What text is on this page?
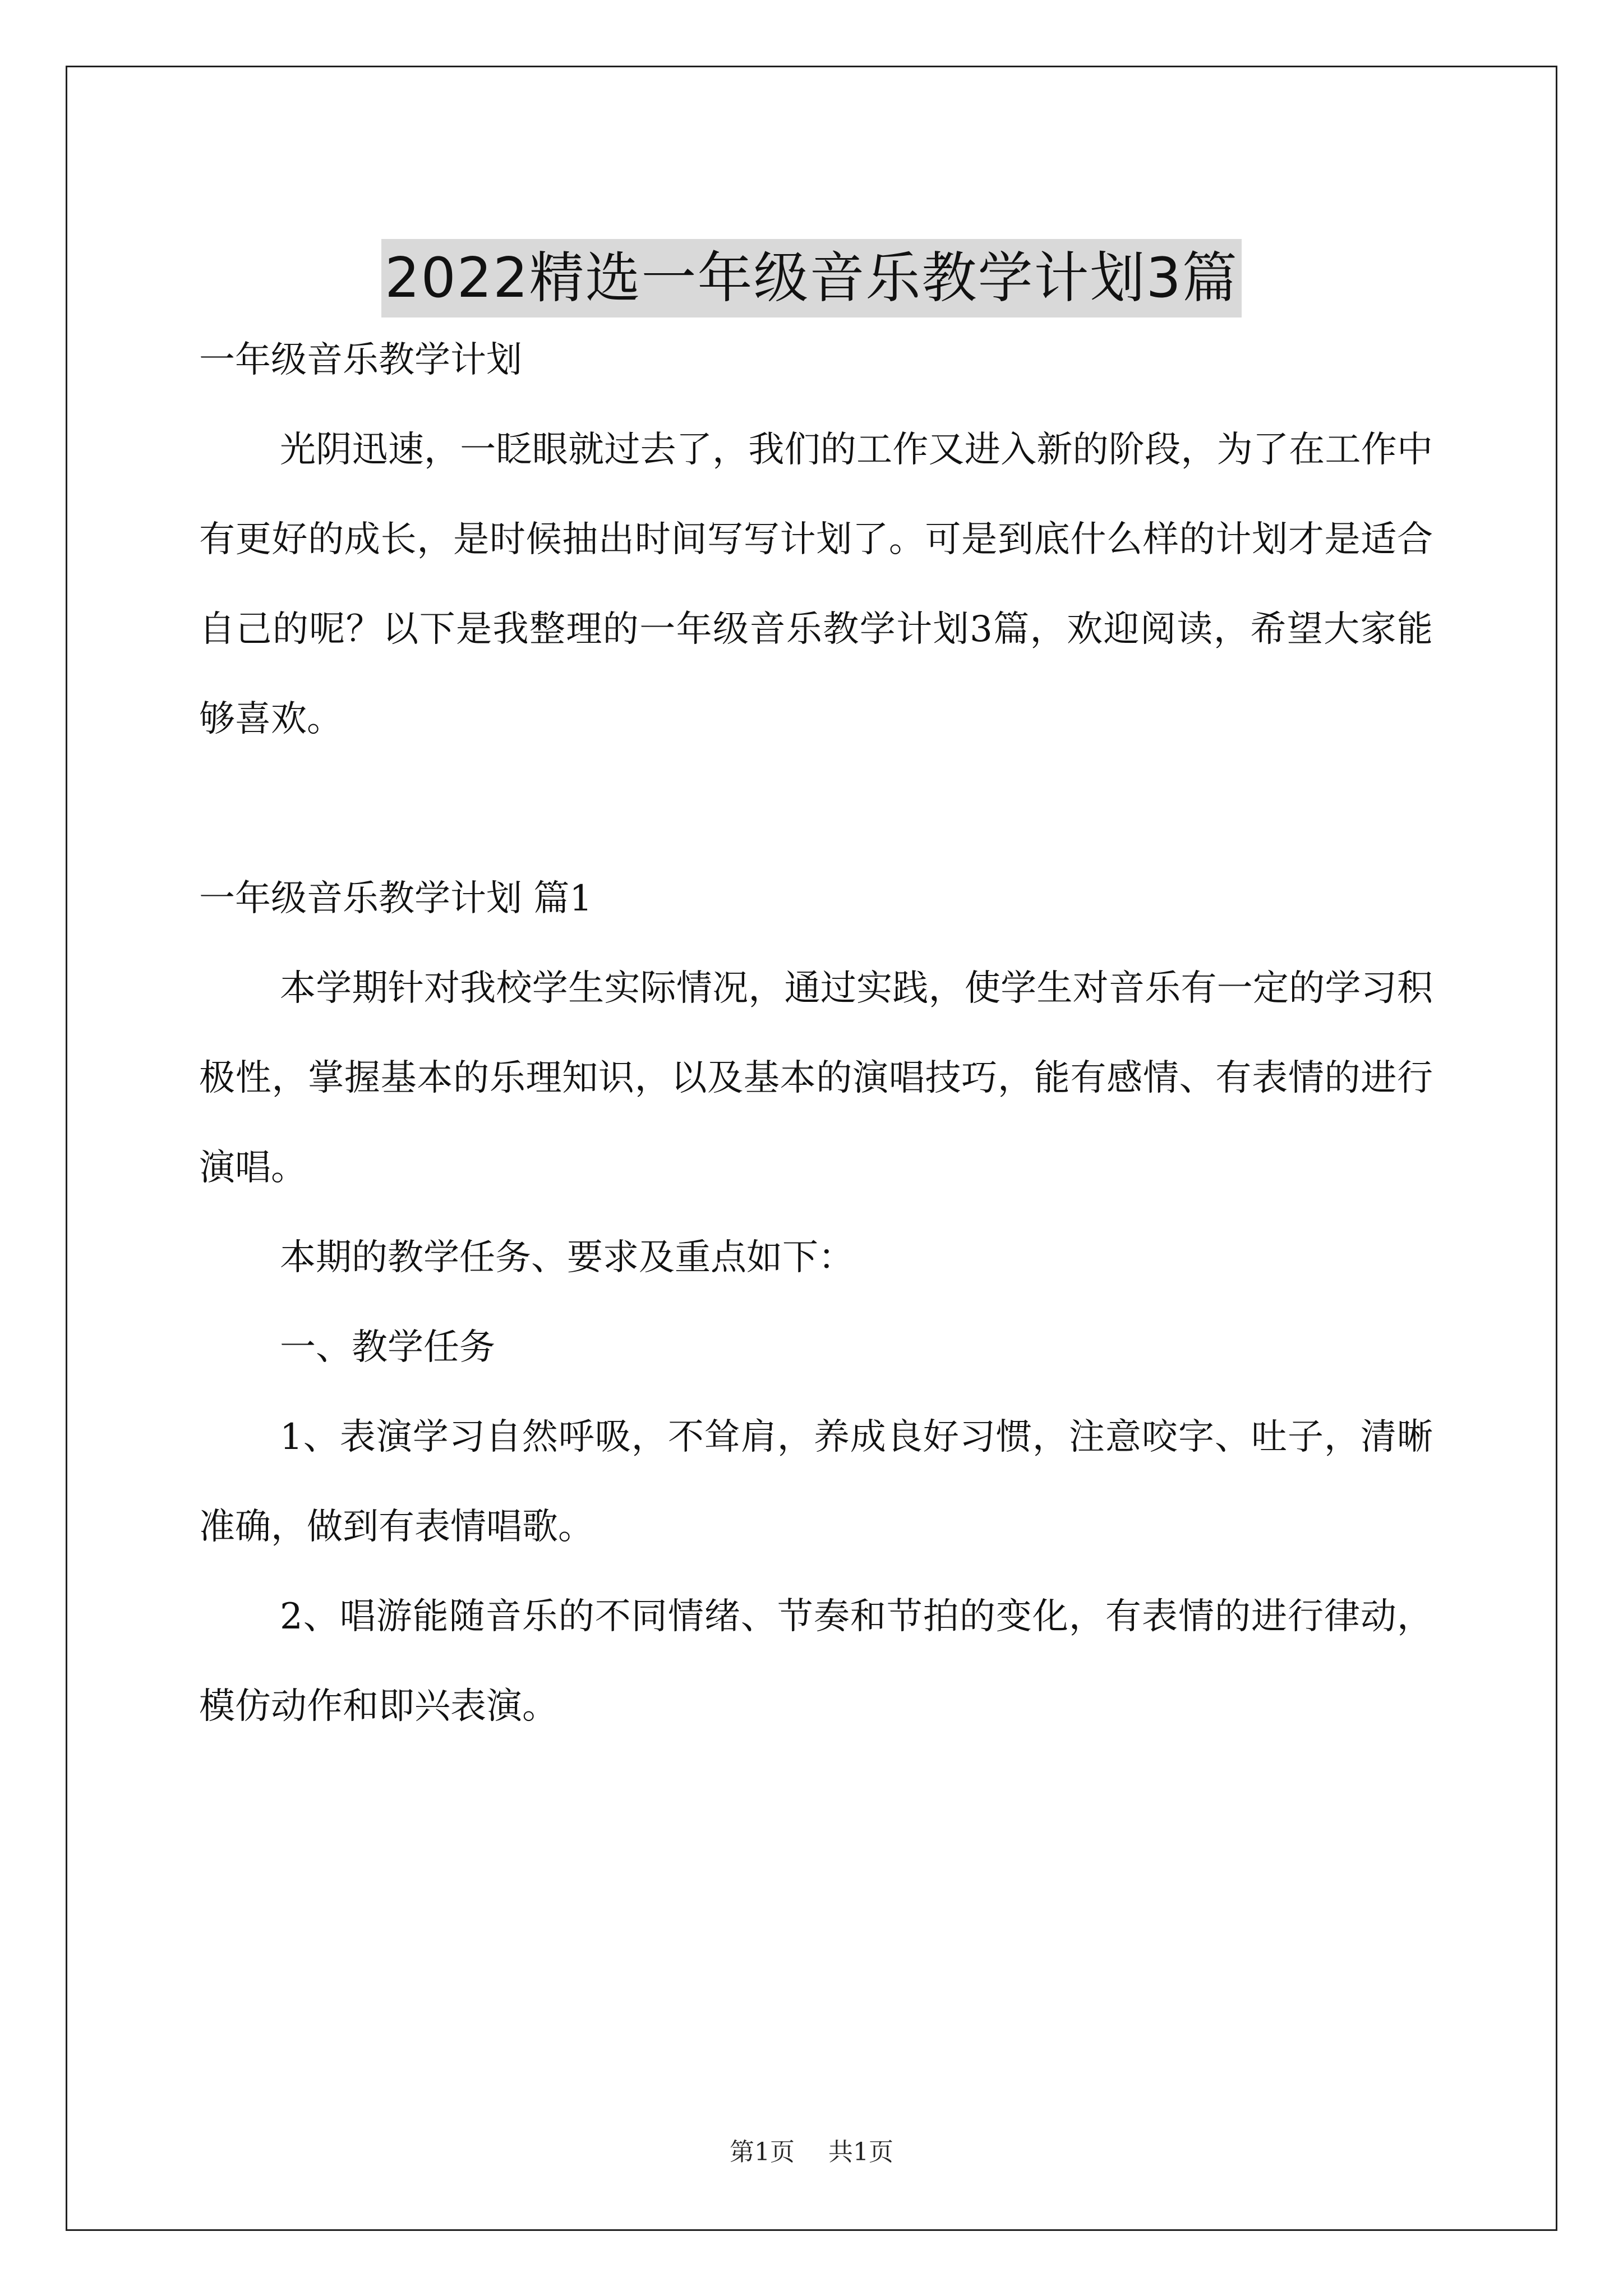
2022精选一年级音乐教学计划3篇

一年级音乐教学计划

光阴迅速，一眨眼就过去了，我们的工作又进入新的阶段，为了在工作中有更好的成长，是时候抽出时间写写计划了。可是到底什么样的计划才是适合自己的呢？以下是我整理的一年级音乐教学计划3篇，欢迎阅读，希望大家能够喜欢。

一年级音乐教学计划 篇1

本学期针对我校学生实际情况，通过实践，使学生对音乐有一定的学习积极性，掌握基本的乐理知识，以及基本的演唱技巧，能有感情、有表情的进行演唱。

本期的教学任务、要求及重点如下：

一、教学任务

1、表演学习自然呼吸，不耸肩，养成良好习惯，注意咬字、吐子，清晰准确，做到有表情唱歌。

2、唱游能随音乐的不同情绪、节奏和节拍的变化，有表情的进行律动，模仿动作和即兴表演。

第1页 共1页
